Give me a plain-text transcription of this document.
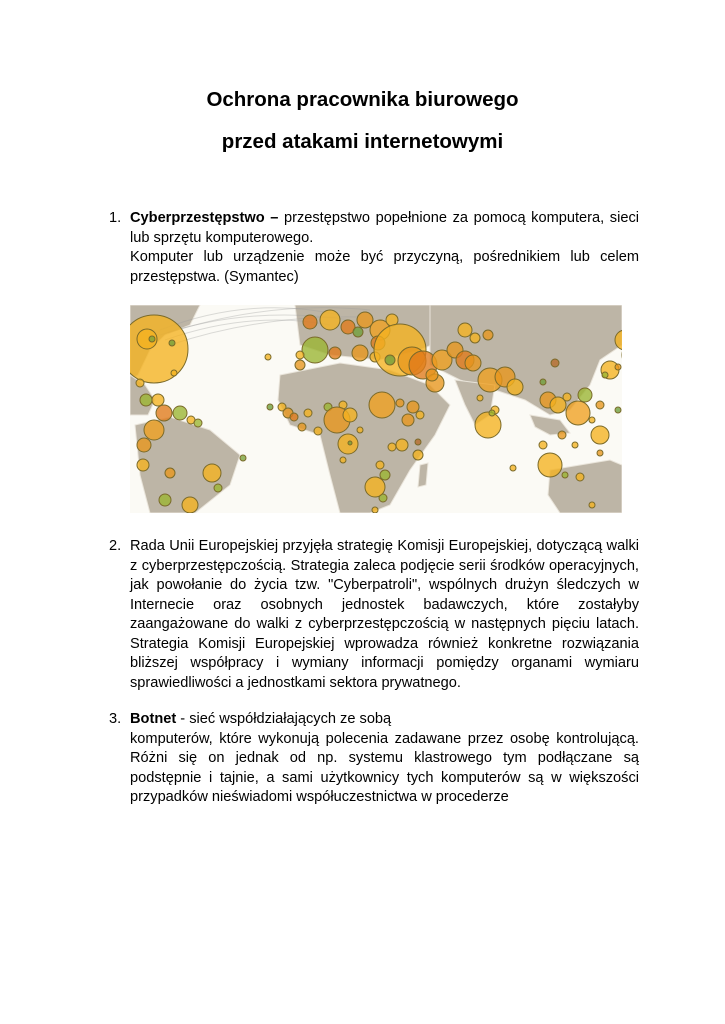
Ochrona pracownika biurowego
przed atakami internetowymi
1. Cyberprzestępstwo – przestępstwo popełnione za pomocą komputera, sieci
lub sprzętu komputerowego.
Komputer lub urządzenie może być przyczyną, pośrednikiem lub celem
przestępstwa. (Symantec)
2. Rada Unii Europejskiej przyjęła strategię Komisji Europejskiej, dotyczącą walki
z cyberprzestępczością. Strategia zaleca podjęcie serii środków operacyjnych,
jak powołanie do życia tzw. "Cyberpatroli", wspólnych drużyn śledczych w
Internecie oraz osobnych jednostek badawczych, które zostałyby
zaangażowane do walki z cyberprzestępczością w następnych pięciu latach.
Strategia Komisji Europejskiej wprowadza również konkretne rozwiązania
bliższej współpracy i wymiany informacji pomiędzy organami wymiaru
sprawiedliwości a jednostkami sektora prywatnego.
3. Botnet - sieć współdziałających ze sobą
komputerów, które wykonują polecenia zadawane przez osobę kontrolującą.
Różni się on jednak od np. systemu klastrowego tym podłączane są
podstępnie i tajnie, a sami użytkownicy tych komputerów są w większości
przypadków nieświadomi współuczestnictwa w procederze
